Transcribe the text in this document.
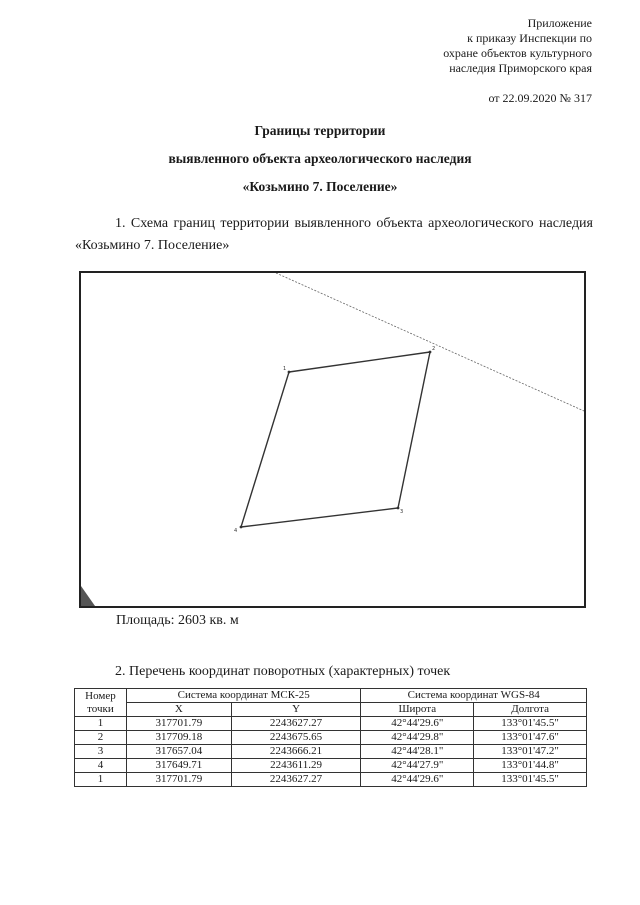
Приложение
к приказу Инспекции по
охране объектов культурного
наследия Приморского края
от 22.09.2020 № 317
Границы территории
выявленного объекта археологического наследия
«Козьмино 7. Поселение»
1. Схема границ территории выявленного объекта археологического наследия «Козьмино 7. Поселение»
1
2
3
4
Площадь: 2603 кв. м
2. Перечень координат поворотных (характерных) точек
Номер точки	Система координат МСК-25		Система координат WGS-84	
	X	Y	Широта	Долгота
1	317701.79	2243627.27	42°44'29.6"	133°01'45.5"
2	317709.18	2243675.65	42°44'29.8"	133°01'47.6"
3	317657.04	2243666.21	42°44'28.1"	133°01'47.2"
4	317649.71	2243611.29	42°44'27.9"	133°01'44.8"
1	317701.79	2243627.27	42°44'29.6"	133°01'45.5"
